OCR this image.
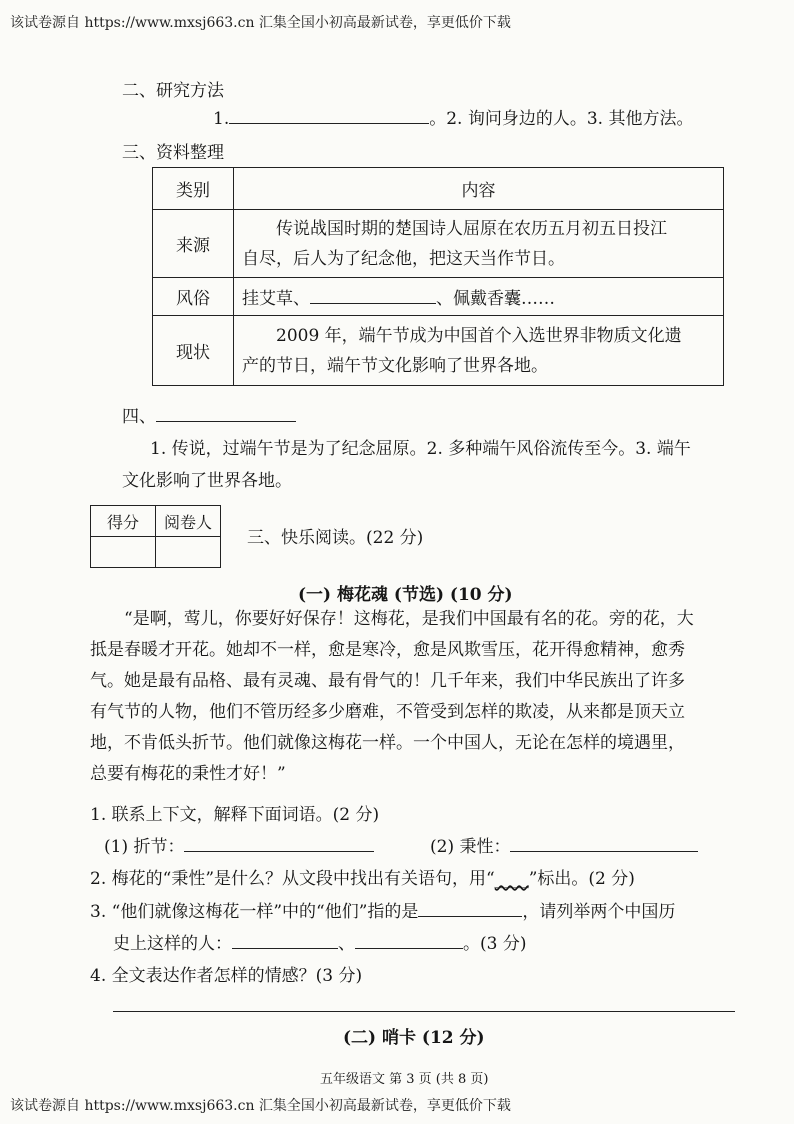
该试卷源自 https://www.mxsj663.cn 汇集全国小初高最新试卷，享更低价下载
二、研究方法
1.	。2. 询问身边的人。3. 其他方法。
三、资料整理
类别	内容
来源	传说战国时期的楚国诗人屈原在农历五月初五日投江
自尽，后人为了纪念他，把这天当作节日。

风俗	挂艾草、 、佩戴香囊……
现状	2009 年，端午节成为中国首个入选世界非物质文化遗
产的节日，端午节文化影响了世界各地。
四、
1. 传说，过端午节是为了纪念屈原。2. 多种端午风俗流传至今。3. 端午
文化影响了世界各地。
得分	阅卷人

三、快乐阅读。(22 分)
(一) 梅花魂 (节选) (10 分)
“是啊，莺儿，你要好好保存！这梅花，是我们中国最有名的花。旁的花，大
抵是春暖才开花。她却不一样，愈是寒冷，愈是风欺雪压，花开得愈精神，愈秀
气。她是最有品格、最有灵魂、最有骨气的！几千年来，我们中华民族出了许多
有气节的人物，他们不管历经多少磨难，不管受到怎样的欺凌，从来都是顶天立
地，不肯低头折节。他们就像这梅花一样。一个中国人，无论在怎样的境遇里，
总要有梅花的秉性才好！”
1. 联系上下文，解释下面词语。(2 分)
(1) 折节：	(2) 秉性：
2. 梅花的“秉性”是什么？从文段中找出有关语句，用“____”标出。(2 分)
3. “他们就像这梅花一样”中的“他们”指的是	，请列举两个中国历
史上这样的人：	、	。(3 分)
4. 全文表达作者怎样的情感？(3 分)
(二) 哨卡 (12 分)
五年级语文 第 3 页 (共 8 页)
该试卷源自 https://www.mxsj663.cn 汇集全国小初高最新试卷，享更低价下载
